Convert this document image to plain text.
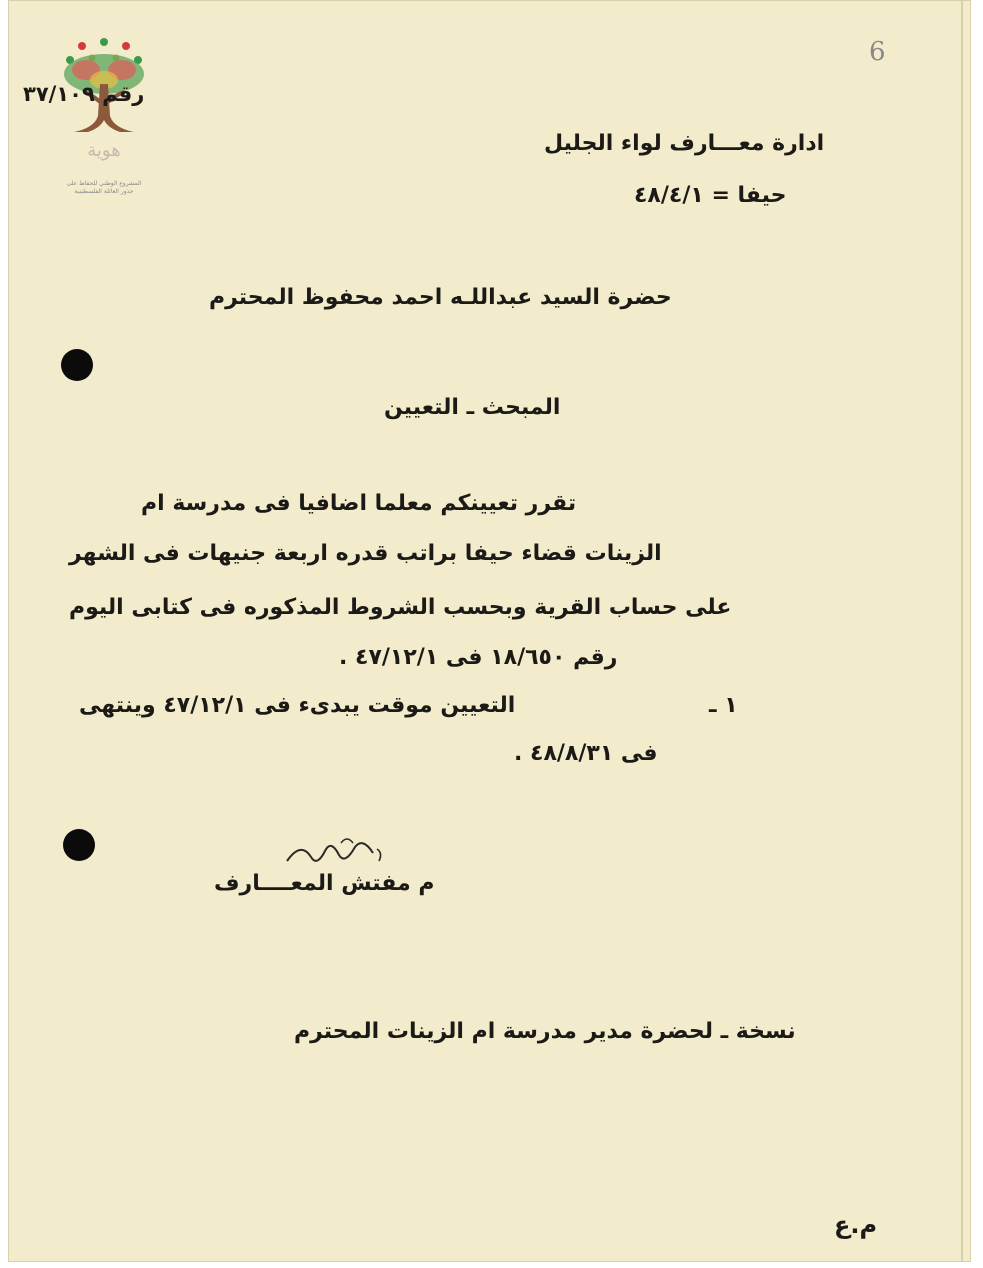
هوية
المشروع الوطني للحفاظ على
جذور العائلة الفلسطينية
6
رقم ٣٧/١٠٩
ادارة معـــارف لواء الجليل
حيفا = ٤٨/٤/١
حضرة السيد عبداللـه احمد محفوظ المحترم
المبحث ـ التعيين
تقرر تعيينكم معلما اضافيا فى مدرسة ام
الزينات قضاء حيفا براتب قدره اربعة جنيهات فى الشهر
على حساب القرية وبحسب الشروط المذكوره فى كتابى اليوم
رقم ١٨/٦٥٠ فى ٤٧/١٢/١ .
١ ـ
التعيين موقت يبدىء فى ٤٧/١٢/١ وينتهى
فى ٤٨/٨/٣١ .
م مفتش المعــــارف
نسخة ـ لحضرة مدير مدرسة ام الزينات المحترم
م.ع
